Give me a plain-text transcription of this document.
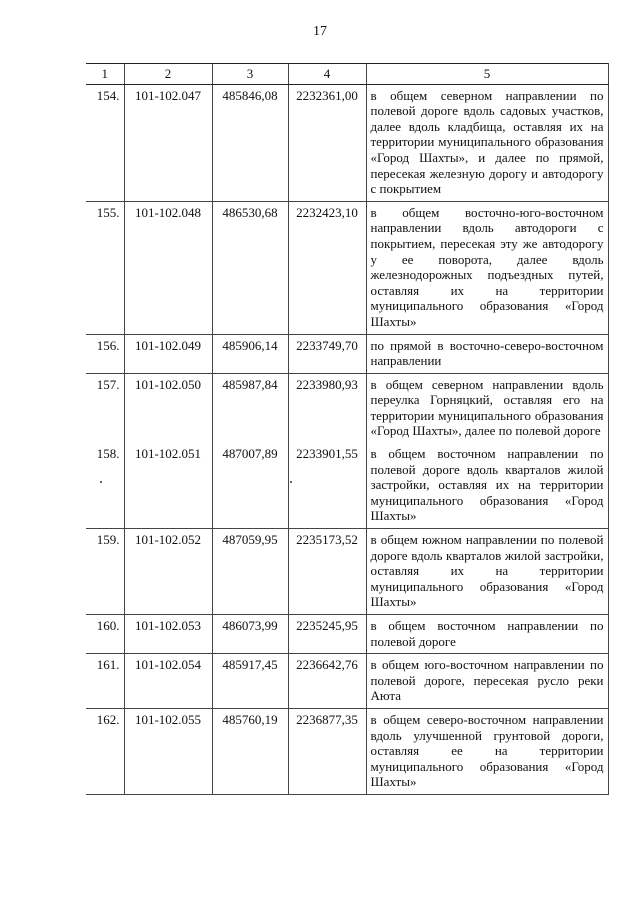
17
1	2	3	4	5
154.	101-102.047	485846,08	2232361,00	в общем северном направлении по полевой дороге вдоль садовых участков, далее вдоль кладбища, оставляя их на территории муниципального образования «Город Шахты», и далее по прямой, пересекая железную дорогу и автодорогу с покрытием
155.	101-102.048	486530,68	2232423,10	в общем восточно-юго-восточном направлении вдоль автодороги с покрытием, пересекая эту же автодорогу у ее поворота, далее вдоль железнодорожных подъездных путей, оставляя их на территории муниципального образования «Город Шахты»
156.	101-102.049	485906,14	2233749,70	по прямой в восточно-северо-восточном направлении
157.	101-102.050	485987,84	2233980,93	в общем северном направлении вдоль переулка Горняцкий, оставляя его на территории муниципального образования «Город Шахты», далее по полевой дороге
158.	101-102.051	487007,89	2233901,55	в общем восточном направлении по полевой дороге вдоль кварталов жилой застройки, оставляя их на территории муниципального образования «Город Шахты»
159.	101-102.052	487059,95	2235173,52	в общем южном направлении по полевой дороге вдоль кварталов жилой застройки, оставляя их на территории муниципального образования «Город Шахты»
160.	101-102.053	486073,99	2235245,95	в общем восточном направлении по полевой дороге
161.	101-102.054	485917,45	2236642,76	в общем юго-восточном направлении по полевой дороге, пересекая русло реки Аюта
162.	101-102.055	485760,19	2236877,35	в общем северо-восточном направлении вдоль улучшенной грунтовой дороги, оставляя ее на территории муниципального образования «Город Шахты»
